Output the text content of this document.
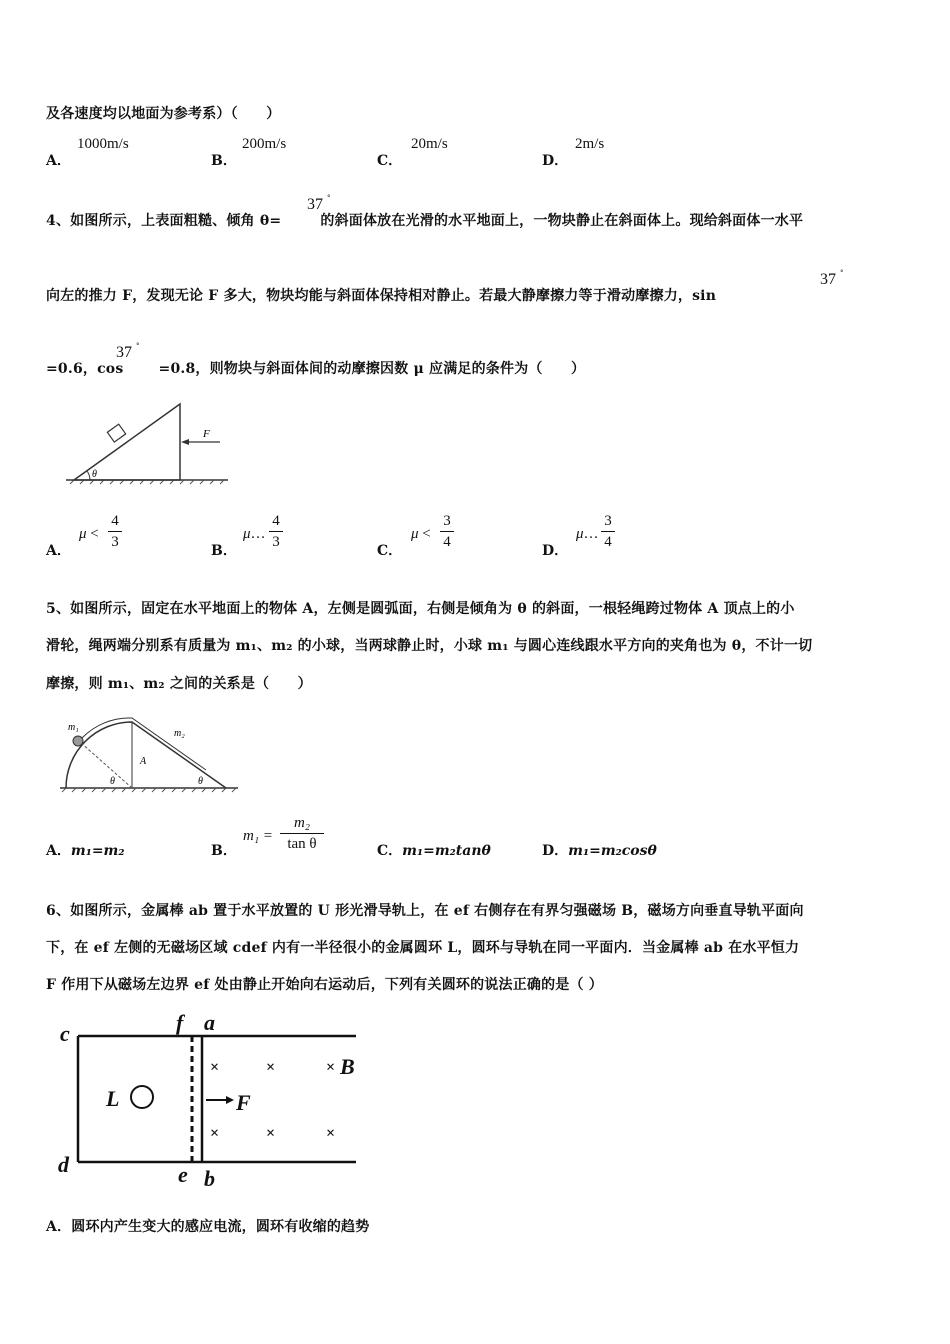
及各速度均以地面为参考系）（　　）
A．
1000m/s
B．
200m/s
C．
20m/s
D．
2m/s
4、如图所示，上表面粗糙、倾角 θ= 的斜面体放在光滑的水平地面上，一物块静止在斜面体上。现给斜面体一水平
37 °
向左的推力 F，发现无论 F 多大，物块均能与斜面体保持相对静止。若最大静摩擦力等于滑动摩擦力，sin
37 °
=0.6，cos =0.8，则物块与斜面体间的动摩擦因数 μ 应满足的条件为（　　）
37 °
F
θ
A．
μ <
4
3
B．
μ…
4
3
C．
μ <
3
4
D．
μ…
3
4
5、如图所示，固定在水平地面上的物体 A，左侧是圆弧面，右侧是倾角为 θ 的斜面，一根轻绳跨过物体 A 顶点上的小
滑轮，绳两端分别系有质量为 m₁、m₂ 的小球，当两球静止时，小球 m₁ 与圆心连线跟水平方向的夹角也为 θ，不计一切
摩擦，则 m₁、m₂ 之间的关系是（　　）
m₁
m₂
A
θ	θ
A．m₁=m₂	B．
m₁ =
m₂
tan θ	C．m₁=m₂tanθ	D．m₁=m₂cosθ
6、如图所示，金属棒 ab 置于水平放置的 U 形光滑导轨上，在 ef 右侧存在有界匀强磁场 B，磁场方向垂直导轨平面向
下，在 ef 左侧的无磁场区域 cdef 内有一半径很小的金属圆环 L，圆环与导轨在同一平面内．当金属棒 ab 在水平恒力
F 作用下从磁场左边界 ef 处由静止开始向右运动后，下列有关圆环的说法正确的是（ ）
c
d
f a
e b
L	F
B
×	×	×
×	×	×
A．圆环内产生变大的感应电流，圆环有收缩的趋势
